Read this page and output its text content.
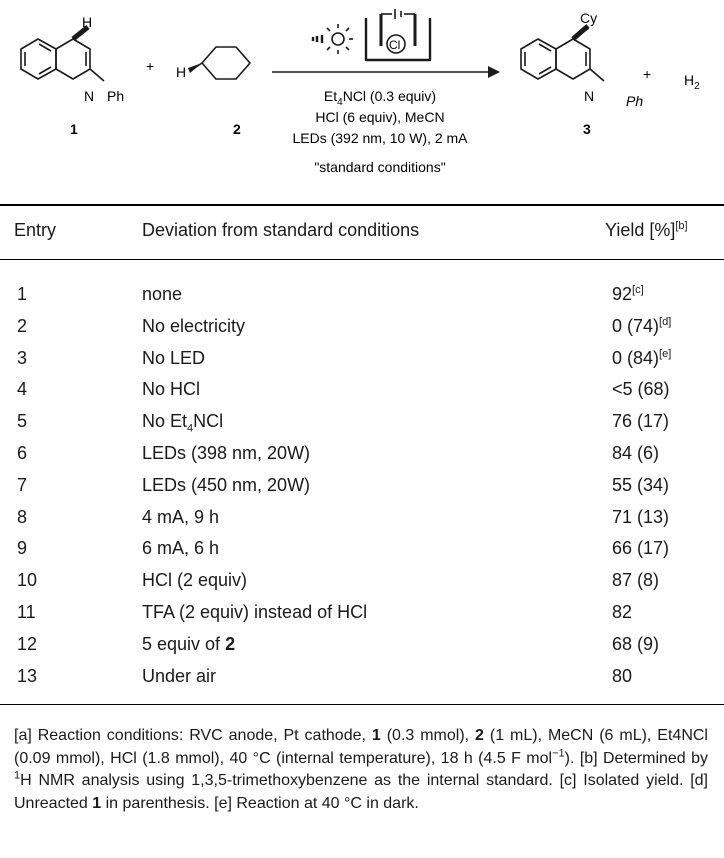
H
N Ph
1
+ H
2
Cl
$Et_4NCl$ (0.3 equiv)
HCl (6 equiv), MeCN
LEDs (392 nm, 10 W), 2 mA
"standard conditions"
Cy
N Ph
3
+ $H_2$
Entry	Deviation from standard conditions	Yield [%][b]
1	none	92[c]
2	No electricity	0 (74)[d]
3	No LED	0 (84)[e]
4	No HCl	<5 (68)
5	No $Et_4NCl$	76 (17)
6	LEDs (398 nm, 20W)	84 (6)
7	LEDs (450 nm, 20W)	55 (34)
8	4 mA, 9 h	71 (13)
9	6 mA, 6 h	66 (17)
10	HCl (2 equiv)	87 (8)
11	TFA (2 equiv) instead of HCl	82
12	5 equiv of 2	68 (9)
13	Under air	80
[a] Reaction conditions: RVC anode, Pt cathode, 1 (0.3 mmol), 2 (1 mL), MeCN (6 mL), Et4NCl (0.09 mmol), HCl (1.8 mmol), 40 °C (internal temperature), 18 h (4.5 F mol$^{-1}$). [b] Determined by $^1$H NMR analysis using 1,3,5-trimethoxybenzene as the internal standard. [c] Isolated yield. [d] Unreacted 1 in parenthesis. [e] Reaction at 40 °C in dark.
